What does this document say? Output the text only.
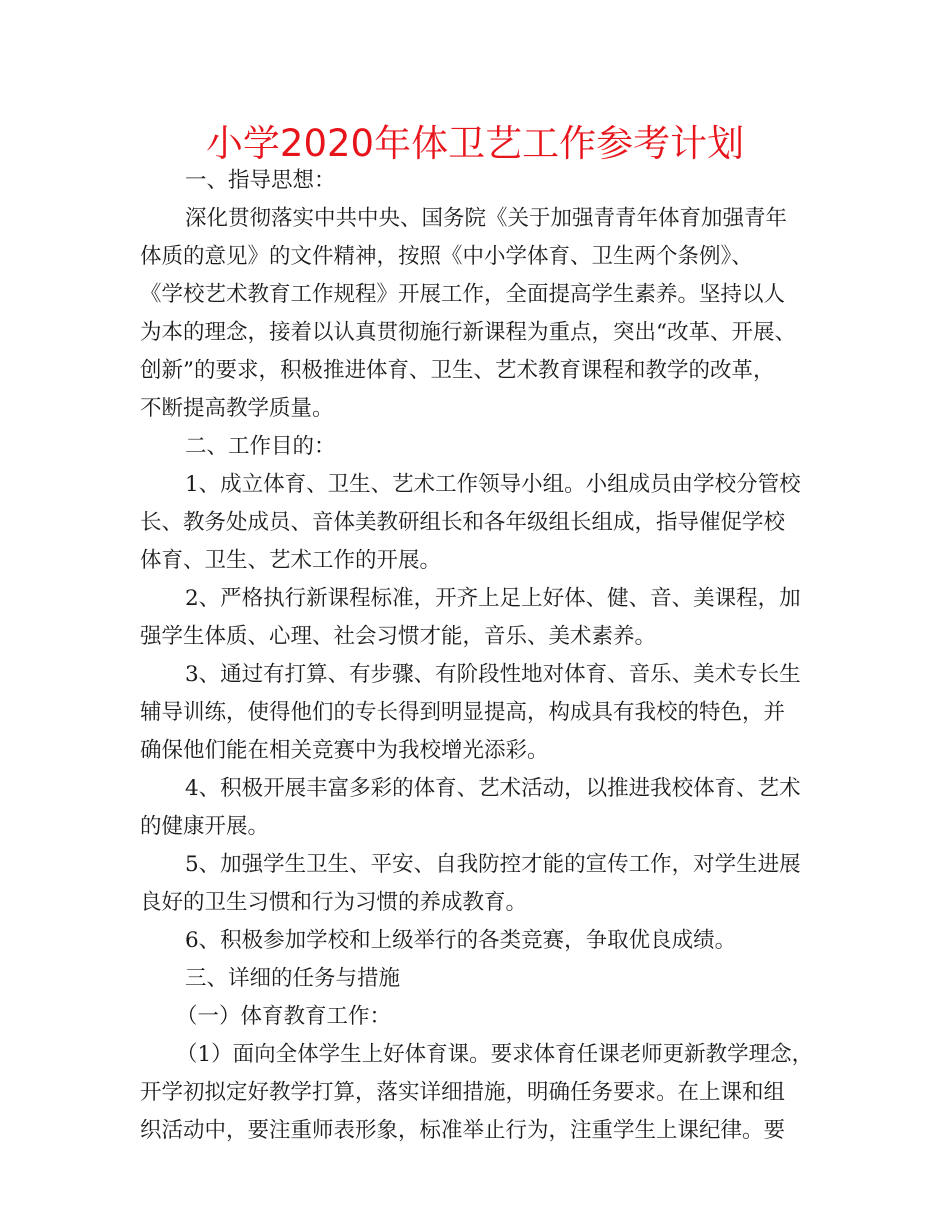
小学2020年体卫艺工作参考计划
一、指导思想：
深化贯彻落实中共中央、国务院《关于加强青青年体育加强青年
体质的意见》的文件精神，按照《中小学体育、卫生两个条例》、
《学校艺术教育工作规程》开展工作，全面提高学生素养。坚持以人
为本的理念，接着以认真贯彻施行新课程为重点，突出“改革、开展、
创新”的要求，积极推进体育、卫生、艺术教育课程和教学的改革，
不断提高教学质量。
二、工作目的：
1、成立体育、卫生、艺术工作领导小组。小组成员由学校分管校
长、教务处成员、音体美教研组长和各年级组长组成，指导催促学校
体育、卫生、艺术工作的开展。
2、严格执行新课程标准，开齐上足上好体、健、音、美课程，加
强学生体质、心理、社会习惯才能，音乐、美术素养。
3、通过有打算、有步骤、有阶段性地对体育、音乐、美术专长生
辅导训练，使得他们的专长得到明显提高，构成具有我校的特色，并
确保他们能在相关竞赛中为我校增光添彩。
4、积极开展丰富多彩的体育、艺术活动，以推进我校体育、艺术
的健康开展。
5、加强学生卫生、平安、自我防控才能的宣传工作，对学生进展
良好的卫生习惯和行为习惯的养成教育。
6、积极参加学校和上级举行的各类竞赛，争取优良成绩。
三、详细的任务与措施
（一）体育教育工作：
（1）面向全体学生上好体育课。要求体育任课老师更新教学理念，
开学初拟定好教学打算，落实详细措施，明确任务要求。在上课和组
织活动中，要注重师表形象，标准举止行为，注重学生上课纪律。要
